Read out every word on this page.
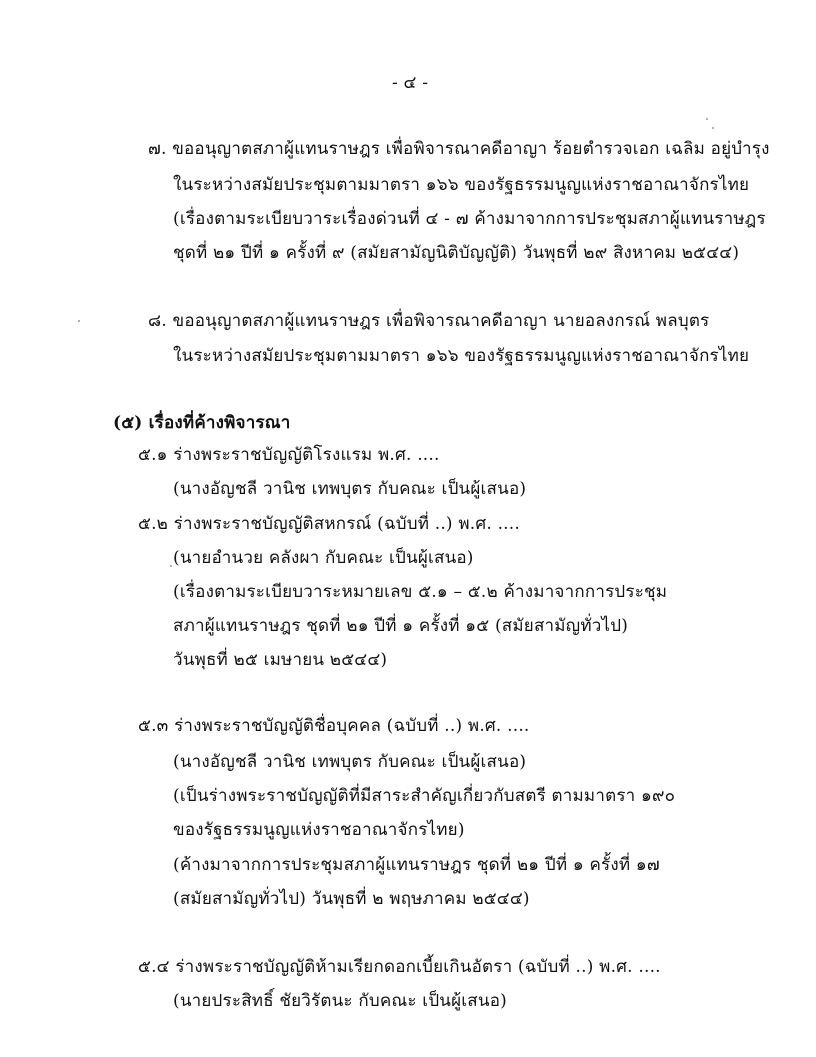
- ๔ -
๗. ขออนุญาตสภาผู้แทนราษฎร เพื่อพิจารณาคดีอาญา ร้อยตำรวจเอก เฉลิม อยู่บำรุง
ในระหว่างสมัยประชุมตามมาตรา ๑๖๖ ของรัฐธรรมนูญแห่งราชอาณาจักรไทย
(เรื่องตามระเบียบวาระเรื่องด่วนที่ ๔ - ๗ ค้างมาจากการประชุมสภาผู้แทนราษฎร
ชุดที่ ๒๑ ปีที่ ๑ ครั้งที่ ๙ (สมัยสามัญนิติบัญญัติ) วันพุธที่ ๒๙ สิงหาคม ๒๕๔๔)
๘. ขออนุญาตสภาผู้แทนราษฎร เพื่อพิจารณาคดีอาญา นายอลงกรณ์ พลบุตร
ในระหว่างสมัยประชุมตามมาตรา ๑๖๖ ของรัฐธรรมนูญแห่งราชอาณาจักรไทย
(๕) เรื่องที่ค้างพิจารณา
๕.๑ ร่างพระราชบัญญัติโรงแรม พ.ศ. ....
(นางอัญชลี วานิช เทพบุตร กับคณะ เป็นผู้เสนอ)
๕.๒ ร่างพระราชบัญญัติสหกรณ์ (ฉบับที่ ..) พ.ศ. ....
(นายอำนวย คลังผา กับคณะ เป็นผู้เสนอ)
(เรื่องตามระเบียบวาระหมายเลข ๕.๑ – ๕.๒ ค้างมาจากการประชุม
สภาผู้แทนราษฎร ชุดที่ ๒๑ ปีที่ ๑ ครั้งที่ ๑๕ (สมัยสามัญทั่วไป)
วันพุธที่ ๒๕ เมษายน ๒๕๔๔)
๕.๓ ร่างพระราชบัญญัติชื่อบุคคล (ฉบับที่ ..) พ.ศ. ....
(นางอัญชลี วานิช เทพบุตร กับคณะ เป็นผู้เสนอ)
(เป็นร่างพระราชบัญญัติที่มีสาระสำคัญเกี่ยวกับสตรี ตามมาตรา ๑๙๐
ของรัฐธรรมนูญแห่งราชอาณาจักรไทย)
(ค้างมาจากการประชุมสภาผู้แทนราษฎร ชุดที่ ๒๑ ปีที่ ๑ ครั้งที่ ๑๗
(สมัยสามัญทั่วไป) วันพุธที่ ๒ พฤษภาคม ๒๕๔๔)
๕.๔ ร่างพระราชบัญญัติห้ามเรียกดอกเบี้ยเกินอัตรา (ฉบับที่ ..) พ.ศ. ....
(นายประสิทธิ์ ชัยวิรัตนะ กับคณะ เป็นผู้เสนอ)
